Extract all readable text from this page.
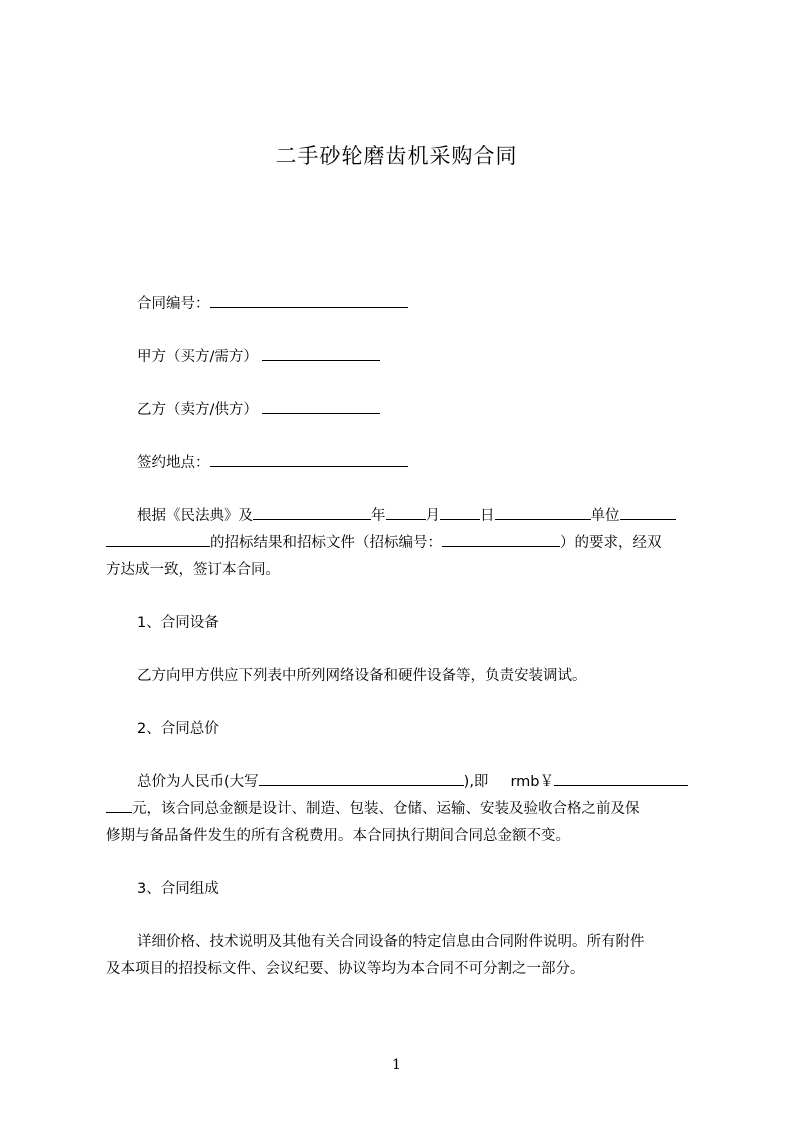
二手砂轮磨齿机采购合同
合同编号：
甲方（买方/需方）
乙方（卖方/供方）
签约地点：
根据《民法典》及	年	月	日	单位
的招标结果和招标文件（招标编号：	）的要求，经双
方达成一致，签订本合同。
1、合同设备
乙方向甲方供应下列表中所列网络设备和硬件设备等，负责安装调试。
2、合同总价
总价为人民币(大写	),即 rmb￥
元，该合同总金额是设计、制造、包装、仓储、运输、安装及验收合格之前及保
修期与备品备件发生的所有含税费用。本合同执行期间合同总金额不变。
3、合同组成
详细价格、技术说明及其他有关合同设备的特定信息由合同附件说明。所有附件
及本项目的招投标文件、会议纪要、协议等均为本合同不可分割之一部分。
1
